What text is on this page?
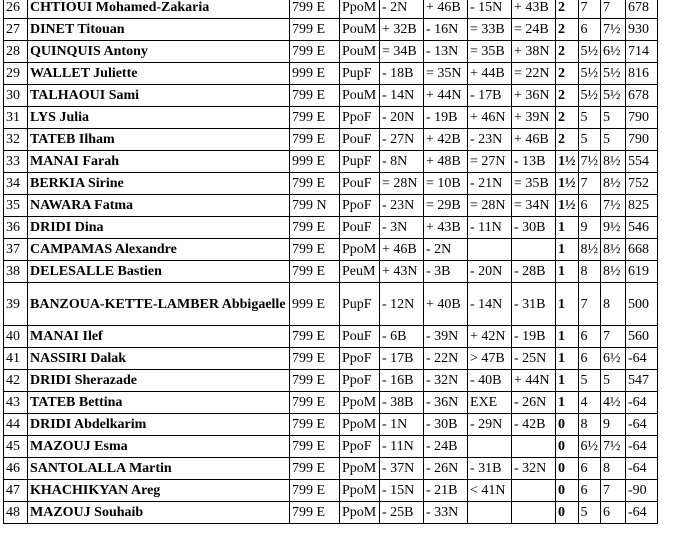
26	CHTIOUI Mohamed-Zakaria	799 E	PpoM	- 2N	+ 46B	- 15N	+ 43B	2	7	7	678
27	DINET Titouan	799 E	PouM	+ 32B	- 16N	= 33B	= 24B	2	6	7½	930
28	QUINQUIS Antony	799 E	PouM	= 34B	- 13N	= 35B	+ 38N	2	5½	6½	714
29	WALLET Juliette	999 E	PupF	- 18B	= 35N	+ 44B	= 22N	2	5½	5½	816
30	TALHAOUI Sami	799 E	PouM	- 14N	+ 44N	- 17B	+ 36N	2	5½	5½	678
31	LYS Julia	799 E	PpoF	- 20N	- 19B	+ 46N	+ 39N	2	5	5	790
32	TATEB Ilham	799 E	PouF	- 27N	+ 42B	- 23N	+ 46B	2	5	5	790
33	MANAI Farah	999 E	PupF	- 8N	+ 48B	= 27N	- 13B	1½	7½	8½	554
34	BERKIA Sirine	799 E	PouF	= 28N	= 10B	- 21N	= 35B	1½	7	8½	752
35	NAWARA Fatma	799 N	PpoF	- 23N	= 29B	= 28N	= 34N	1½	6	7½	825
36	DRIDI Dina	799 E	PouF	- 3N	+ 43B	- 11N	- 30B	1	9	9½	546
37	CAMPAMAS Alexandre	799 E	PpoM	+ 46B	- 2N			1	8½	8½	668
38	DELESALLE Bastien	799 E	PeuM	+ 43N	- 3B	- 20N	- 28B	1	8	8½	619
39	BANZOUA-KETTE-LAMBER Abbigaelle	999 E	PupF	- 12N	+ 40B	- 14N	- 31B	1	7	8	500
40	MANAI Ilef	799 E	PouF	- 6B	- 39N	+ 42N	- 19B	1	6	7	560
41	NASSIRI Dalak	799 E	PpoF	- 17B	- 22N	> 47B	- 25N	1	6	6½	-64
42	DRIDI Sherazade	799 E	PpoF	- 16B	- 32N	- 40B	+ 44N	1	5	5	547
43	TATEB Bettina	799 E	PpoM	- 38B	- 36N	EXE	- 26N	1	4	4½	-64
44	DRIDI Abdelkarim	799 E	PpoM	- 1N	- 30B	- 29N	- 42B	0	8	9	-64
45	MAZOUJ Esma	799 E	PpoF	- 11N	- 24B			0	6½	7½	-64
46	SANTOLALLA Martin	799 E	PpoM	- 37N	- 26N	- 31B	- 32N	0	6	8	-64
47	KHACHIKYAN Areg	799 E	PpoM	- 15N	- 21B	< 41N		0	6	7	-90
48	MAZOUJ Souhaib	799 E	PpoM	- 25B	- 33N			0	5	6	-64
